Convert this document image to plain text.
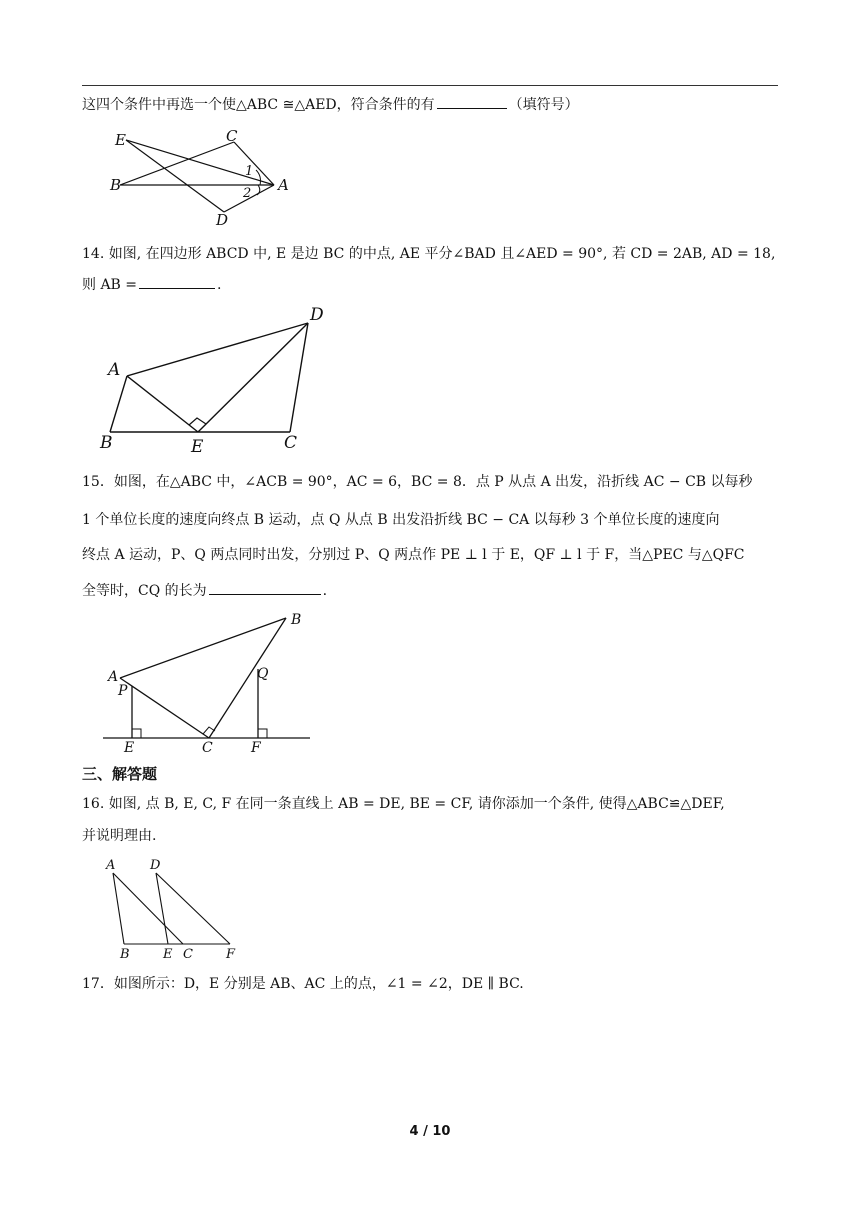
这四个条件中再选一个使△ABC ≅△AED，符合条件的有	（填符号）
14. 如图, 在四边形 ABCD 中, E 是边 BC 的中点, AE 平分∠BAD 且∠AED = 90°, 若 CD = 2AB, AD = 18,
则 AB =	.
15．如图，在△ABC 中，∠ACB = 90°，AC = 6，BC = 8．点 P 从点 A 出发，沿折线 AC − CB 以每秒
1 个单位长度的速度向终点 B 运动，点 Q 从点 B 出发沿折线 BC − CA 以每秒 3 个单位长度的速度向
终点 A 运动，P、Q 两点同时出发，分别过 P、Q 两点作 PE ⊥ l 于 E，QF ⊥ l 于 F，当△PEC 与△QFC
全等时，CQ 的长为	.
三、解答题
16. 如图, 点 B, E, C, F 在同一条直线上 AB = DE, BE = CF, 请你添加一个条件, 使得△ABC≌△DEF,
并说明理由.
17．如图所示：D，E 分别是 AB、AC 上的点，∠1 = ∠2，DE ∥ BC.
E	C
B	A
D
1
2
A
D
B	E	C
A
B
P
Q
E	C	F
A	D
B	E C	F
4 / 10
